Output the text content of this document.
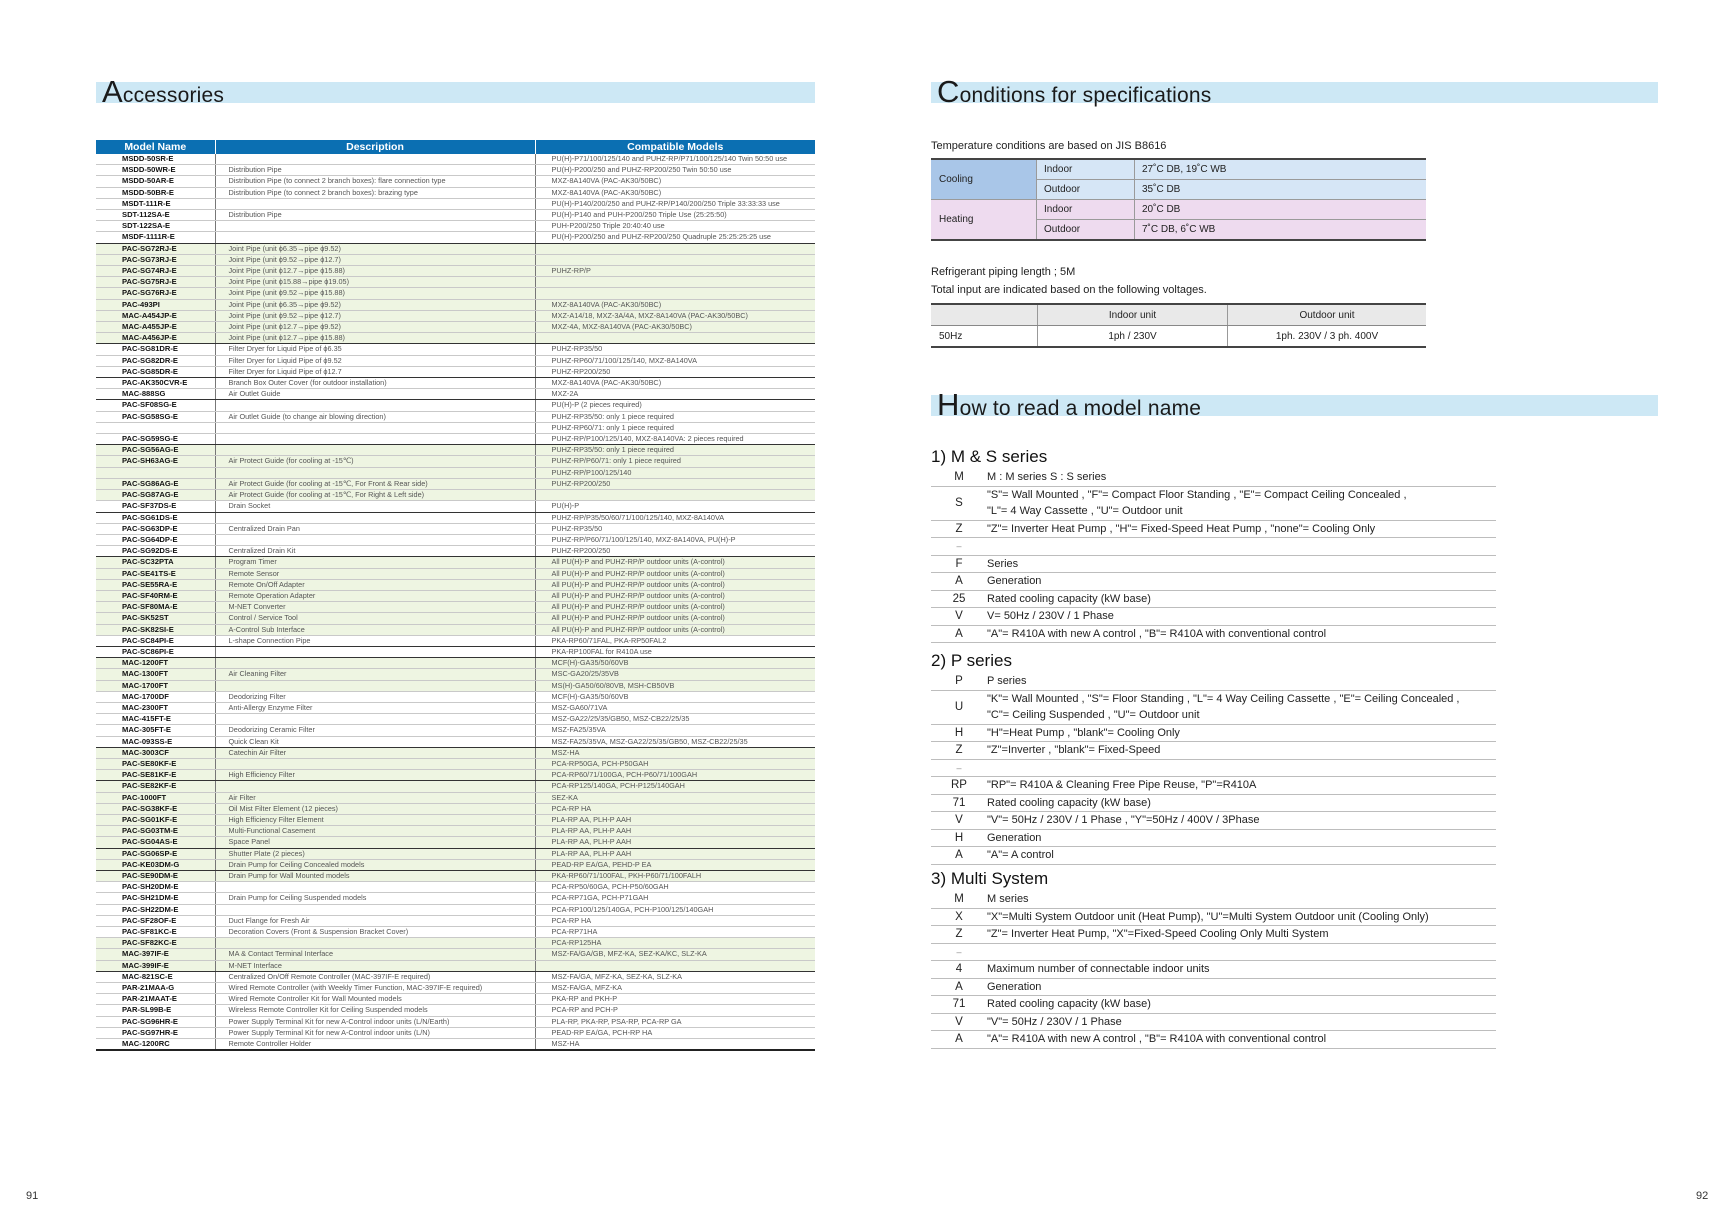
Accessories
Model Name	Description	Compatible Models
MSDD-50SR-E		PU(H)-P71/100/125/140 and PUHZ-RP/P71/100/125/140 Twin 50:50 use
MSDD-50WR-E	Distribution Pipe	PU(H)-P200/250 and PUHZ-RP200/250 Twin 50:50 use
MSDD-50AR-E	Distribution Pipe (to connect 2 branch boxes): flare connection type	MXZ-8A140VA (PAC-AK30/50BC)
MSDD-50BR-E	Distribution Pipe (to connect 2 branch boxes): brazing type	MXZ-8A140VA (PAC-AK30/50BC)
MSDT-111R-E		PU(H)-P140/200/250 and PUHZ-RP/P140/200/250 Triple 33:33:33 use
SDT-112SA-E	Distribution Pipe	PU(H)-P140 and PUH-P200/250 Triple Use (25:25:50)
SDT-122SA-E		PUH-P200/250 Triple 20:40:40 use
MSDF-1111R-E		PU(H)-P200/250 and PUHZ-RP200/250 Quadruple 25:25:25:25 use
PAC-SG72RJ-E	Joint Pipe (unit ϕ6.35→pipe ϕ9.52)	
PAC-SG73RJ-E	Joint Pipe (unit ϕ9.52→pipe ϕ12.7)	
PAC-SG74RJ-E	Joint Pipe (unit ϕ12.7→pipe ϕ15.88)	PUHZ-RP/P
PAC-SG75RJ-E	Joint Pipe (unit ϕ15.88→pipe ϕ19.05)	
PAC-SG76RJ-E	Joint Pipe (unit ϕ9.52→pipe ϕ15.88)	
PAC-493PI	Joint Pipe (unit ϕ6.35→pipe ϕ9.52)	MXZ-8A140VA (PAC-AK30/50BC)
MAC-A454JP-E	Joint Pipe (unit ϕ9.52→pipe ϕ12.7)	MXZ-A14/18, MXZ-3A/4A, MXZ-8A140VA (PAC-AK30/50BC)
MAC-A455JP-E	Joint Pipe (unit ϕ12.7→pipe ϕ9.52)	MXZ-4A, MXZ-8A140VA (PAC-AK30/50BC)
MAC-A456JP-E	Joint Pipe (unit ϕ12.7→pipe ϕ15.88)	
PAC-SG81DR-E	Filter Dryer for Liquid Pipe of ϕ6.35	PUHZ-RP35/50
PAC-SG82DR-E	Filter Dryer for Liquid Pipe of ϕ9.52	PUHZ-RP60/71/100/125/140, MXZ-8A140VA
PAC-SG85DR-E	Filter Dryer for Liquid Pipe of ϕ12.7	PUHZ-RP200/250
PAC-AK350CVR-E	Branch Box Outer Cover (for outdoor installation)	MXZ-8A140VA (PAC-AK30/50BC)
MAC-888SG	Air Outlet Guide	MXZ-2A
PAC-SF08SG-E		PU(H)-P (2 pieces required)
PAC-SG58SG-E	Air Outlet Guide (to change air blowing direction)	PUHZ-RP35/50: only 1 piece required
		PUHZ-RP60/71: only 1 piece required
PAC-SG59SG-E		PUHZ-RP/P100/125/140, MXZ-8A140VA: 2 pieces required
PAC-SG56AG-E		PUHZ-RP35/50: only 1 piece required
PAC-SH63AG-E	Air Protect Guide (for cooling at -15℃)	PUHZ-RP/P60/71: only 1 piece required
		PUHZ-RP/P100/125/140
PAC-SG86AG-E	Air Protect Guide (for cooling at -15℃, For Front & Rear side)	PUHZ-RP200/250
PAC-SG87AG-E	Air Protect Guide (for cooling at -15℃, For Right & Left side)	
PAC-SF37DS-E	Drain Socket	PU(H)-P
PAC-SG61DS-E		PUHZ-RP/P35/50/60/71/100/125/140, MXZ-8A140VA
PAC-SG63DP-E	Centralized Drain Pan	PUHZ-RP35/50
PAC-SG64DP-E		PUHZ-RP/P60/71/100/125/140, MXZ-8A140VA, PU(H)-P
PAC-SG92DS-E	Centralized Drain Kit	PUHZ-RP200/250
PAC-SC32PTA	Program Timer	All PU(H)-P and PUHZ-RP/P outdoor units (A-control)
PAC-SE41TS-E	Remote Sensor	All PU(H)-P and PUHZ-RP/P outdoor units (A-control)
PAC-SE55RA-E	Remote On/Off Adapter	All PU(H)-P and PUHZ-RP/P outdoor units (A-control)
PAC-SF40RM-E	Remote Operation Adapter	All PU(H)-P and PUHZ-RP/P outdoor units (A-control)
PAC-SF80MA-E	M-NET Converter	All PU(H)-P and PUHZ-RP/P outdoor units (A-control)
PAC-SK52ST	Control / Service Tool	All PU(H)-P and PUHZ-RP/P outdoor units (A-control)
PAC-SK82SI-E	A-Control Sub Interface	All PU(H)-P and PUHZ-RP/P outdoor units (A-control)
PAC-SC84PI-E	L-shape Connection Pipe	PKA-RP60/71FAL, PKA-RP50FAL2
PAC-SC86PI-E		PKA-RP100FAL for R410A use
MAC-1200FT		MCF(H)-GA35/50/60VB
MAC-1300FT	Air Cleaning Filter	MSC-GA20/25/35VB
MAC-1700FT		MS(H)-GA50/60/80VB, MSH-CB50VB
MAC-1700DF	Deodorizing Filter	MCF(H)-GA35/50/60VB
MAC-2300FT	Anti-Allergy Enzyme Filter	MSZ-GA60/71VA
MAC-415FT-E		MSZ-GA22/25/35/GB50, MSZ-CB22/25/35
MAC-305FT-E	Deodorizing Ceramic Filter	MSZ-FA25/35VA
MAC-093SS-E	Quick Clean Kit	MSZ-FA25/35VA, MSZ-GA22/25/35/GB50, MSZ-CB22/25/35
MAC-3003CF	Catechin Air Filter	MSZ-HA
PAC-SE80KF-E		PCA-RP50GA, PCH-P50GAH
PAC-SE81KF-E	High Efficiency Filter	PCA-RP60/71/100GA, PCH-P60/71/100GAH
PAC-SE82KF-E		PCA-RP125/140GA, PCH-P125/140GAH
PAC-1000FT	Air Filter	SEZ-KA
PAC-SG38KF-E	Oil Mist Filter Element (12 pieces)	PCA-RP HA
PAC-SG01KF-E	High Efficiency Filter Element	PLA-RP AA, PLH-P AAH
PAC-SG03TM-E	Multi-Functional Casement	PLA-RP AA, PLH-P AAH
PAC-SG04AS-E	Space Panel	PLA-RP AA, PLH-P AAH
PAC-SG06SP-E	Shutter Plate (2 pieces)	PLA-RP AA, PLH-P AAH
PAC-KE03DM-G	Drain Pump for Ceiling Concealed models	PEAD-RP EA/GA, PEHD-P EA
PAC-SE90DM-E	Drain Pump for Wall Mounted models	PKA-RP60/71/100FAL, PKH-P60/71/100FALH
PAC-SH20DM-E		PCA-RP50/60GA, PCH-P50/60GAH
PAC-SH21DM-E	Drain Pump for Ceiling Suspended models	PCA-RP71GA, PCH-P71GAH
PAC-SH22DM-E		PCA-RP100/125/140GA, PCH-P100/125/140GAH
PAC-SF28OF-E	Duct Flange for Fresh Air	PCA-RP HA
PAC-SF81KC-E	Decoration Covers (Front & Suspension Bracket Cover)	PCA-RP71HA
PAC-SF82KC-E		PCA-RP125HA
MAC-397IF-E	MA & Contact Terminal Interface	MSZ-FA/GA/GB, MFZ-KA, SEZ-KA/KC, SLZ-KA
MAC-399IF-E	M-NET Interface	
MAC-821SC-E	Centralized On/Off Remote Controller (MAC-397IF-E required)	MSZ-FA/GA, MFZ-KA, SEZ-KA, SLZ-KA
PAR-21MAA-G	Wired Remote Controller (with Weekly Timer Function, MAC-397IF-E required)	MSZ-FA/GA, MFZ-KA
PAR-21MAAT-E	Wired Remote Controller Kit for Wall Mounted models	PKA-RP and PKH-P
PAR-SL99B-E	Wireless Remote Controller Kit for Ceiling Suspended models	PCA-RP and PCH-P
PAC-SG96HR-E	Power Supply Terminal Kit for new A-Control indoor units (L/N/Earth)	PLA-RP, PKA-RP, PSA-RP, PCA-RP GA
PAC-SG97HR-E	Power Supply Terminal Kit for new A-Control indoor units (L/N)	PEAD-RP EA/GA, PCH-RP HA
MAC-1200RC	Remote Controller Holder	MSZ-HA
Conditions for specifications
Temperature conditions are based on JIS B8616
Cooling	Indoor	27˚C DB, 19˚C WB
	Outdoor	35˚C DB
Heating	Indoor	20˚C DB
	Outdoor	7˚C DB, 6˚C WB
Refrigerant piping length ; 5M
Total input are indicated based on the following voltages.
	Indoor unit	Outdoor unit
50Hz	1ph / 230V	1ph. 230V / 3 ph. 400V
How to read a model name
1) M & S series
M	M : M series S : S series

S	"S"= Wall Mounted , "F"= Compact Floor Standing , "E"= Compact Ceiling Concealed ,
"L"= 4 Way Cassette , "U"= Outdoor unit

Z	"Z"= Inverter Heat Pump , "H"= Fixed-Speed Heat Pump , "none"= Cooling Only

–	

F	Series

A	Generation

25	Rated cooling capacity (kW base)

V	V= 50Hz / 230V / 1 Phase

A	"A"= R410A with new A control , "B"= R410A with conventional control
2) P series
P	P series

U	"K"= Wall Mounted , "S"= Floor Standing , "L"= 4 Way Ceiling Cassette , "E"= Ceiling Concealed ,
"C"= Ceiling Suspended , "U"= Outdoor unit

H	"H"=Heat Pump , "blank"= Cooling Only

Z	"Z"=Inverter , "blank"= Fixed-Speed

–	

RP	"RP"= R410A & Cleaning Free Pipe Reuse, "P"=R410A

71	Rated cooling capacity (kW base)

V	"V"= 50Hz / 230V / 1 Phase , "Y"=50Hz / 400V / 3Phase

H	Generation

A	"A"= A control
3) Multi System
M	M series

X	"X"=Multi System Outdoor unit (Heat Pump), "U"=Multi System Outdoor unit (Cooling Only)

Z	"Z"= Inverter Heat Pump, "X"=Fixed-Speed Cooling Only Multi System

–	

4	Maximum number of connectable indoor units

A	Generation

71	Rated cooling capacity (kW base)

V	"V"= 50Hz / 230V / 1 Phase

A	"A"= R410A with new A control , "B"= R410A with conventional control
91	92
